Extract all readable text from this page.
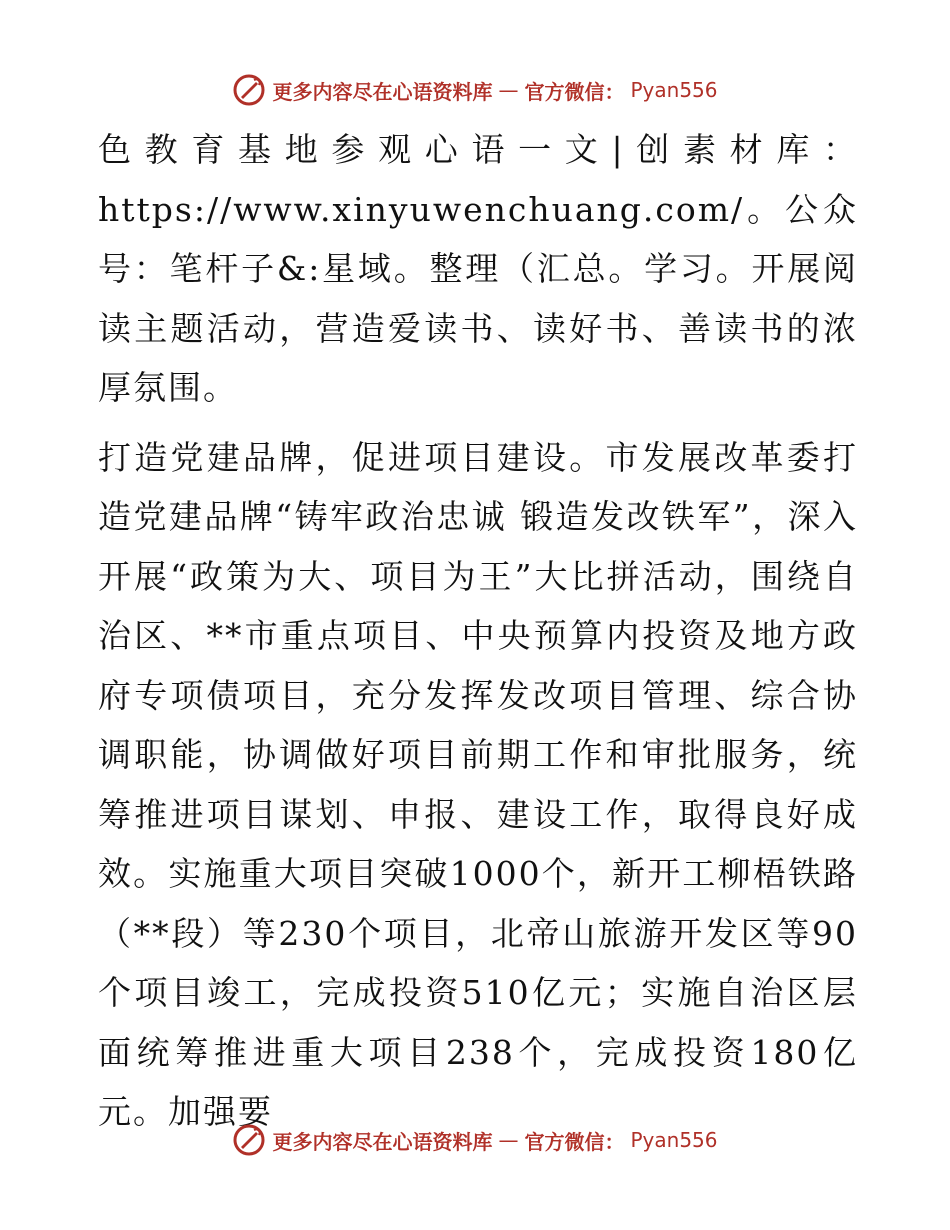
更多内容尽在心语资料库 — 官方微信： Pyan556

色教育基地参观心语一文|创素材库：https://www.xinyuwenchuang.com/。公众号：笔杆子&:星域。整理（汇总。学习。开展阅读主题活动，营造爱读书、读好书、善读书的浓厚氛围。

打造党建品牌，促进项目建设。市发展改革委打造党建品牌“铸牢政治忠诚 锻造发改铁军”，深入开展“政策为大、项目为王”大比拼活动，围绕自治区、**市重点项目、中央预算内投资及地方政府专项债项目，充分发挥发改项目管理、综合协调职能，协调做好项目前期工作和审批服务，统筹推进项目谋划、申报、建设工作，取得良好成效。实施重大项目突破1000个，新开工柳梧铁路（**段）等230个项目，北帝山旅游开发区等90个项目竣工，完成投资510亿元；实施自治区层面统筹推进重大项目238个，完成投资180亿元。加强要

更多内容尽在心语资料库 — 官方微信： Pyan556
